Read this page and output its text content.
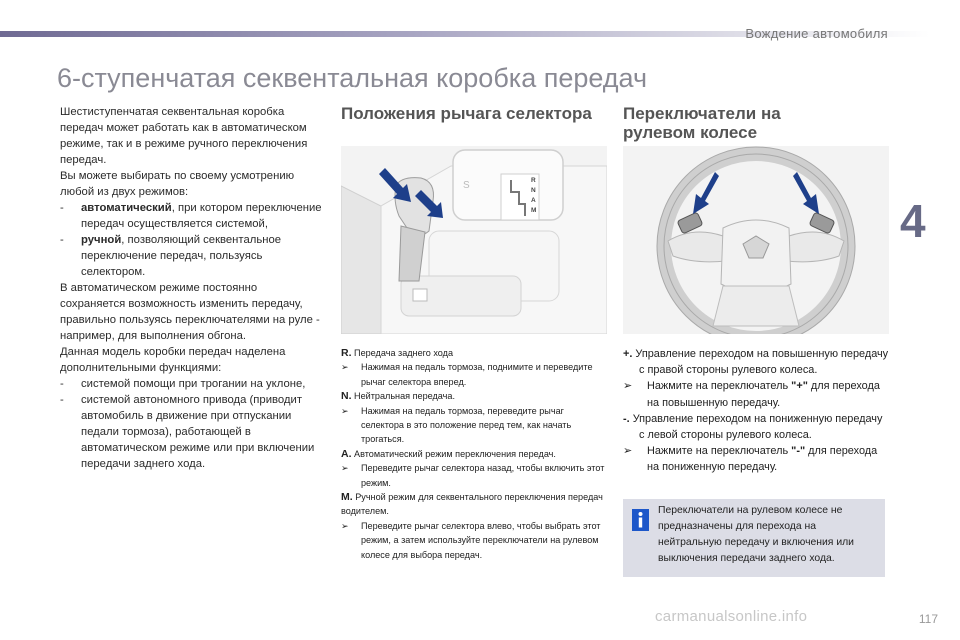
Вождение автомобиля
6-ступенчатая секвентальная коробка передач
4

Шестиступенчатая секвентальная коробка передач может работать как в автоматическом режиме, так и в режиме ручного переключения передач.

Вы можете выбирать по своему усмотрению любой из двух режимов:

- автоматический, при котором переключение передач осуществляется системой,

- ручной, позволяющий секвентальное переключение передач, пользуясь селектором.

В автоматическом режиме постоянно сохраняется возможность изменить передачу, правильно пользуясь переключателями на руле - например, для выполнения обгона.

Данная модель коробки передач наделена дополнительными функциями:

- системой помощи при трогании на уклоне,

- системой автономного привода (приводит автомобиль в движение при отпускании педали тормоза), работающей в автоматическом режиме или при включении передачи заднего хода.

Положения рычага селектора
S	R
N
A
M

R. Передача заднего хода

➢ Нажимая на педаль тормоза, поднимите и переведите рычаг селектора вперед.

N. Нейтральная передача.

➢ Нажимая на педаль тормоза, переведите рычаг селектора в это положение перед тем, как начать трогаться.

A. Автоматический режим переключения передач.

➢ Переведите рычаг селектора назад, чтобы включить этот режим.

M. Ручной режим для секвентального переключения передач водителем.

➢ Переведите рычаг селектора влево, чтобы выбрать этот режим, а затем используйте переключатели на рулевом колесе для выбора передач.

Переключатели на
рулевом колесе
+. Управление переходом на повышенную передачу с правой стороны рулевого колеса.
➢ Нажмите на переключатель "+" для перехода на повышенную передачу.
-. Управление переходом на пониженную передачу с левой стороны рулевого колеса.
➢ Нажмите на переключатель "-" для перехода на пониженную передачу.
Переключатели на рулевом колесе не предназначены для перехода на нейтральную передачу и включения или выключения передачи заднего хода.
carmanualsonline.info	117
